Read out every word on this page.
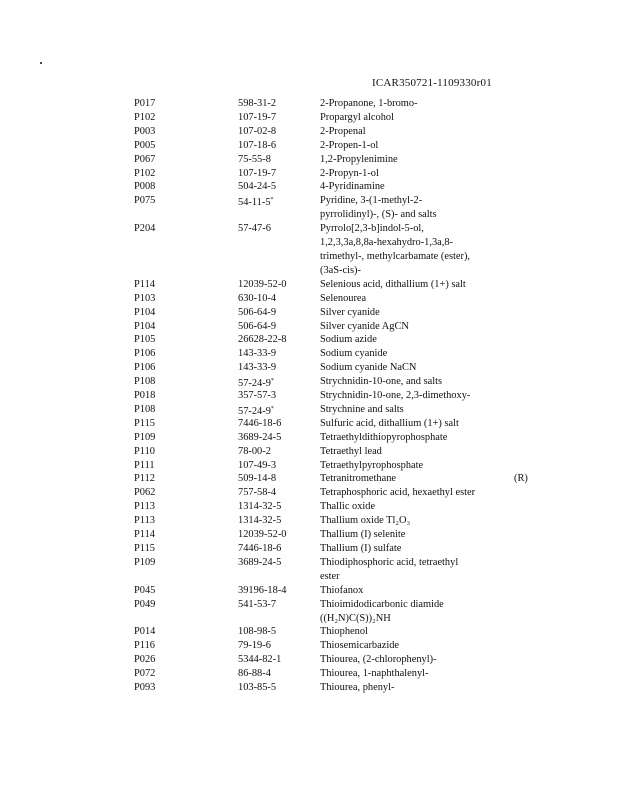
ICAR350721-1109330r01
P017	598-31-2	2-Propanone, 1-bromo-
P102	107-19-7	Propargyl alcohol
P003	107-02-8	2-Propenal
P005	107-18-6	2-Propen-1-ol
P067	75-55-8	1,2-Propylenimine
P102	107-19-7	2-Propyn-1-ol
P008	504-24-5	4-Pyridinamine
P075	54-11-5*	Pyridine, 3-(1-methyl-2-
pyrrolidinyl)-, (S)- and salts
P204	57-47-6	Pyrrolo[2,3-b]indol-5-ol,
1,2,3,3a,8,8a-hexahydro-1,3a,8-
trimethyl-, methylcarbamate (ester),
(3aS-cis)-
P114	12039-52-0	Selenious acid, dithallium (1+) salt
P103	630-10-4	Selenourea
P104	506-64-9	Silver cyanide
P104	506-64-9	Silver cyanide AgCN
P105	26628-22-8	Sodium azide
P106	143-33-9	Sodium cyanide
P106	143-33-9	Sodium cyanide NaCN
P108	57-24-9*	Strychnidin-10-one, and salts
P018	357-57-3	Strychnidin-10-one, 2,3-dimethoxy-
P108	57-24-9*	Strychnine and salts
P115	7446-18-6	Sulfuric acid, dithallium (1+) salt
P109	3689-24-5	Tetraethyldithiopyrophosphate
P110	78-00-2	Tetraethyl lead
P111	107-49-3	Tetraethylpyrophosphate
P112	509-14-8	Tetranitromethane	(R)
P062	757-58-4	Tetraphosphoric acid, hexaethyl ester
P113	1314-32-5	Thallic oxide
P113	1314-32-5	Thallium oxide Tl₂O₃
P114	12039-52-0	Thallium (I) selenite
P115	7446-18-6	Thallium (I) sulfate
P109	3689-24-5	Thiodiphosphoric acid, tetraethyl
ester
P045	39196-18-4	Thiofanox
P049	541-53-7	Thioimidodicarbonic diamide
((H₂N)C(S))₂NH
P014	108-98-5	Thiophenol
P116	79-19-6	Thiosemicarbazide
P026	5344-82-1	Thiourea, (2-chlorophenyl)-
P072	86-88-4	Thiourea, 1-naphthalenyl-
P093	103-85-5	Thiourea, phenyl-
